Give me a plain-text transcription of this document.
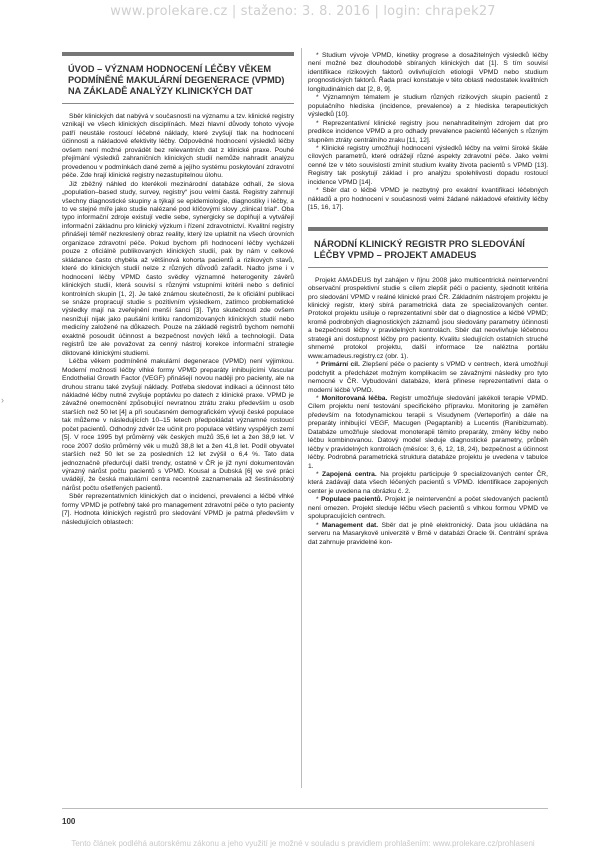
www.prolekare.cz | staženo: 3. 8. 2016 | login: chrapek27
›
ÚVOD – VÝZNAM HODNOCENÍ LÉČBY VĚKEM PODMÍNĚNÉ MAKULÁRNÍ DEGENERACE (VPMD) NA ZÁKLADĚ ANALÝZY KLINICKÝCH DAT

Sběr klinických dat nabývá v současnosti na významu a tzv. klinické registry vznikají ve všech klinických disciplínách. Mezi hlavní důvody tohoto vývoje patří neustále rostoucí léčebné náklady, které zvyšují tlak na hodnocení účinnosti a nákladové efektivity léčby. Odpovědné hodnocení výsledků léčby ovšem není možné provádět bez relevantních dat z klinické praxe. Pouhé přejímání výsledků zahraničních klinických studií nemůže nahradit analýzu provedenou v podmínkách dané země a jejího systému poskytování zdravotní péče. Zde hrají klinické registry nezastupitelnou úlohu.

Již zběžný náhled do kterékoli mezinárodní databáze odhalí, že slova „population–based study, survey, registry“ jsou velmi častá. Registry zahrnují všechny diagnostické skupiny a týkají se epidemiologie, diagnostiky i léčby, a to ve stejné míře jako studie nalézané pod klíčovými slovy „clinical trial“. Oba typo informační zdroje existují vedle sebe, synergicky se doplňují a vytvářejí informační základnu pro klinický výzkum i řízení zdravotnictví. Kvalitní registry přinášejí téměř nezkreslený obraz reality, který lze uplatnit na všech úrovních organizace zdravotní péče. Pokud bychom při hodnocení léčby vycházeli pouze z oficiálně publikovaných klinických studií, pak by nám v celkové skládance často chyběla až většinová kohorta pacientů a rizikových stavů, které do klinických studií nelze z různých důvodů zařadit. Nadto jsme i v hodnocení léčby VPMD často svědky významné heterogenity závěrů klinických studií, která souvisí s různými vstupními kritérii nebo s definicí kontrolních skupin [1, 2]. Je také známou skutečností, že k oficiální publikaci se snáze propracují studie s pozitivním výsledkem, zatímco problematické výsledky mají na zveřejnění menší šanci [3]. Tyto skutečnosti zde ovšem nesnižují nijak jako paušální kritiku randomizovaných klinických studií nebo medicíny založené na důkazech. Pouze na základě registrů bychom nemohli exaktně posoudit účinnost a bezpečnost nových léků a technologií. Data registrů lze ale považovat za cenný nástroj korekce informační strategie diktované klinickými studiemi.

Léčba věkem podmíněné makulární degenerace (VPMD) není výjimkou. Moderní možnosti léčby vlhké formy VPMD preparáty inhibujícími Vascular Endothelial Growth Factor (VEGF) přinášejí novou naději pro pacienty, ale na druhou stranu také zvyšují náklady. Potřeba sledovat indikaci a účinnost této nákladné léčby nutně zvyšuje poptávku po datech z klinické praxe. VPMD je závažné onemocnění způsobující nevratnou ztrátu zraku především u osob starších než 50 let [4] a při současném demografickém vývoji české populace tak můžeme v následujících 10–15 letech předpokládat významné rostoucí počet pacientů. Odhodný zdvěr lze učinit pro populace většiny vyspělých zemí [5]. V roce 1995 byl průměrný věk českých mužů 35,6 let a žen 38,9 let. V roce 2007 došlo průměrný věk u mužů 38,8 let a žen 41,8 let. Podíl obyvatel starších než 50 let se za posledních 12 let zvýšil o 6,4 %. Tato data jednoznačně předurčují další trendy, ostatně v ČR je již nyní dokumentován výrazný nárůst počtu pacientů s VPMD. Kousal a Dubská [6] ve své práci uvádějí, že česká makulární centra recentně zaznamenala až šestinásobný nárůst počtu ošetřených pacientů.

Sběr reprezentativních klinických dat o incidenci, prevalenci a léčbě vlhké formy VPMD je potřebný také pro management zdravotní péče o tyto pacienty [7]. Hodnota klinických registrů pro sledování VPMD je patrná především v následujících oblastech:

* Studium vývoje VPMD, kinetiky progrese a dosažitelných výsledků léčby není možné bez dlouhodobě sbíraných klinických dat [1]. S tím souvisí identifikace rizikových faktorů ovlivňujících etiologii VPMD nebo studium prognostických faktorů. Řada prací konstatuje v této oblasti nedostatek kvalitních longitudinálních dat [2, 8, 9].

* Významným tématem je studium různých rizikových skupin pacientů z populačního hlediska (incidence, prevalence) a z hlediska terapeutických výsledků [10].

* Reprezentativní klinické registry jsou nenahraditelným zdrojem dat pro predikce incidence VPMD a pro odhady prevalence pacientů léčených s různým stupněm ztráty centrálního zraku [11, 12].

* Klinické registry umožňují hodnocení výsledků léčby na velmi široké škále cílových parametrů, které odrážejí různé aspekty zdravotní péče. Jako velmi cenné lze v této souvislosti zmínit studium kvality života pacientů s VPMD [13]. Registry tak poskytují základ i pro analýzu spolehlivosti dopadu rostoucí incidence VPMD [14].

* Sběr dat o léčbě VPMD je nezbytný pro exaktní kvantifikaci léčebných nákladů a pro hodnocení v současnosti velmi žádané nákladové efektivity léčby [15, 16, 17].

NÁRODNÍ KLINICKÝ REGISTR PRO SLEDOVÁNÍ LÉČBY VPMD – PROJEKT AMADEUS

Projekt AMADEUS byl zahájen v říjnu 2008 jako multicentrická neintervenční observační prospektivní studie s cílem zlepšit péči o pacienty, sjednotit kritéria pro sledování VPMD v reálné klinické praxi ČR. Základním nástrojem projektu je klinický registr, který sbírá parametrická data ze specializovaných center. Protokol projektu usiluje o reprezentativní sběr dat o diagnostice a léčbě VPMD; kromě podrobných diagnostických záznamů jsou sledovány parametry účinnosti a bezpečnosti léčby v pravidelných kontrolách. Sběr dat neovlivňuje léčebnou strategii ani dostupnost léčby pro pacienty. Kvalitu sledujících ostatních struché shrnemé protokol projektu, další informace lze naléztna portálu www.amadeus.registry.cz (obr. 1).

* Primární cíl. Zlepšení péče o pacienty s VPMD v centrech, která umožňují podchytit a předcházet možným komplikacím se závažnými následky pro tyto nemocné v ČR. Vybudování databáze, která přinese reprezentativní data o moderní léčbě VPMD.

* Monitorovaná léčba. Registr umožňuje sledování jakékoli terapie VPMD. Cílem projektu není testování specifického přípravku. Monitoring je zaměřen především na fotodynamickou terapii s Visudynem (Verteporfin) a dále na preparáty inhibující VEGF, Macugen (Pegaptanib) a Lucentis (Ranibizumab). Databáze umožňuje sledovat monoterapii těmito preparáty, změny léčby nebo léčbu kombinovanou. Datový model sleduje diagnostické parametry, průběh léčby v pravidelných kontrolách (měsíce: 3, 6, 12, 18, 24), bezpečnost a účinnost léčby. Podrobná parametrická struktura databáze projektu je uvedena v tabulce 1.

* Zapojená centra. Na projektu participuje 9 specializovaných center ČR, která zadávají data všech léčených pacientů s VPMD. Identifikace zapojených center je uvedena na obrázku č. 2.

* Populace pacientů. Projekt je neintervenční a počet sledovaných pacientů není omezen. Projekt sleduje léčbu všech pacientů s vlhkou formou VPMD ve spolupracujících centrech.

* Management dat. Sběr dat je plně elektronický. Data jsou ukládána na serveru na Masarykově univerzitě v Brně v databázi Oracle 9i. Centrální správa dat zahrnuje pravidelné kon-

100
Tento článek podléhá autorskému zákonu a jeho využití je možné v souladu s pravidlem prohlašením: www.prolekare.cz/prohlaseni
